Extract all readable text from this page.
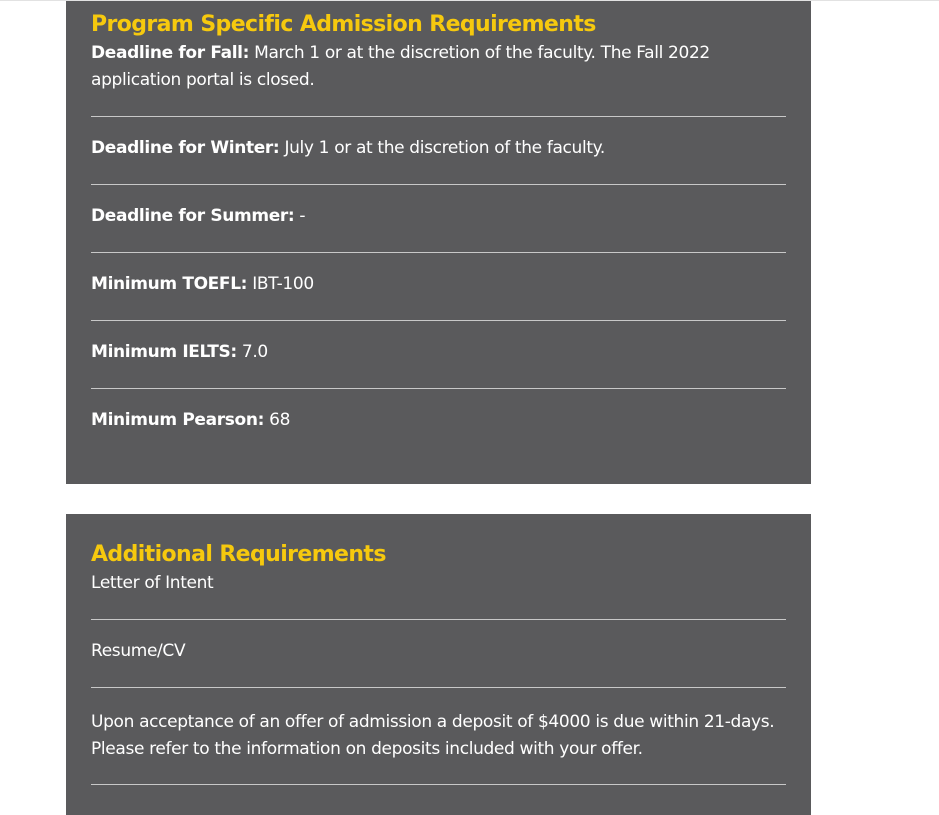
Program Specific Admission Requirements
Deadline for Fall: March 1 or at the discretion of the faculty. The Fall 2022 application portal is closed.
Deadline for Winter: July 1 or at the discretion of the faculty.
Deadline for Summer: -
Minimum TOEFL: IBT-100
Minimum IELTS: 7.0
Minimum Pearson: 68
Additional Requirements
Letter of Intent
Resume/CV
Upon acceptance of an offer of admission a deposit of $4000 is due within 21-days. Please refer to the information on deposits included with your offer.
